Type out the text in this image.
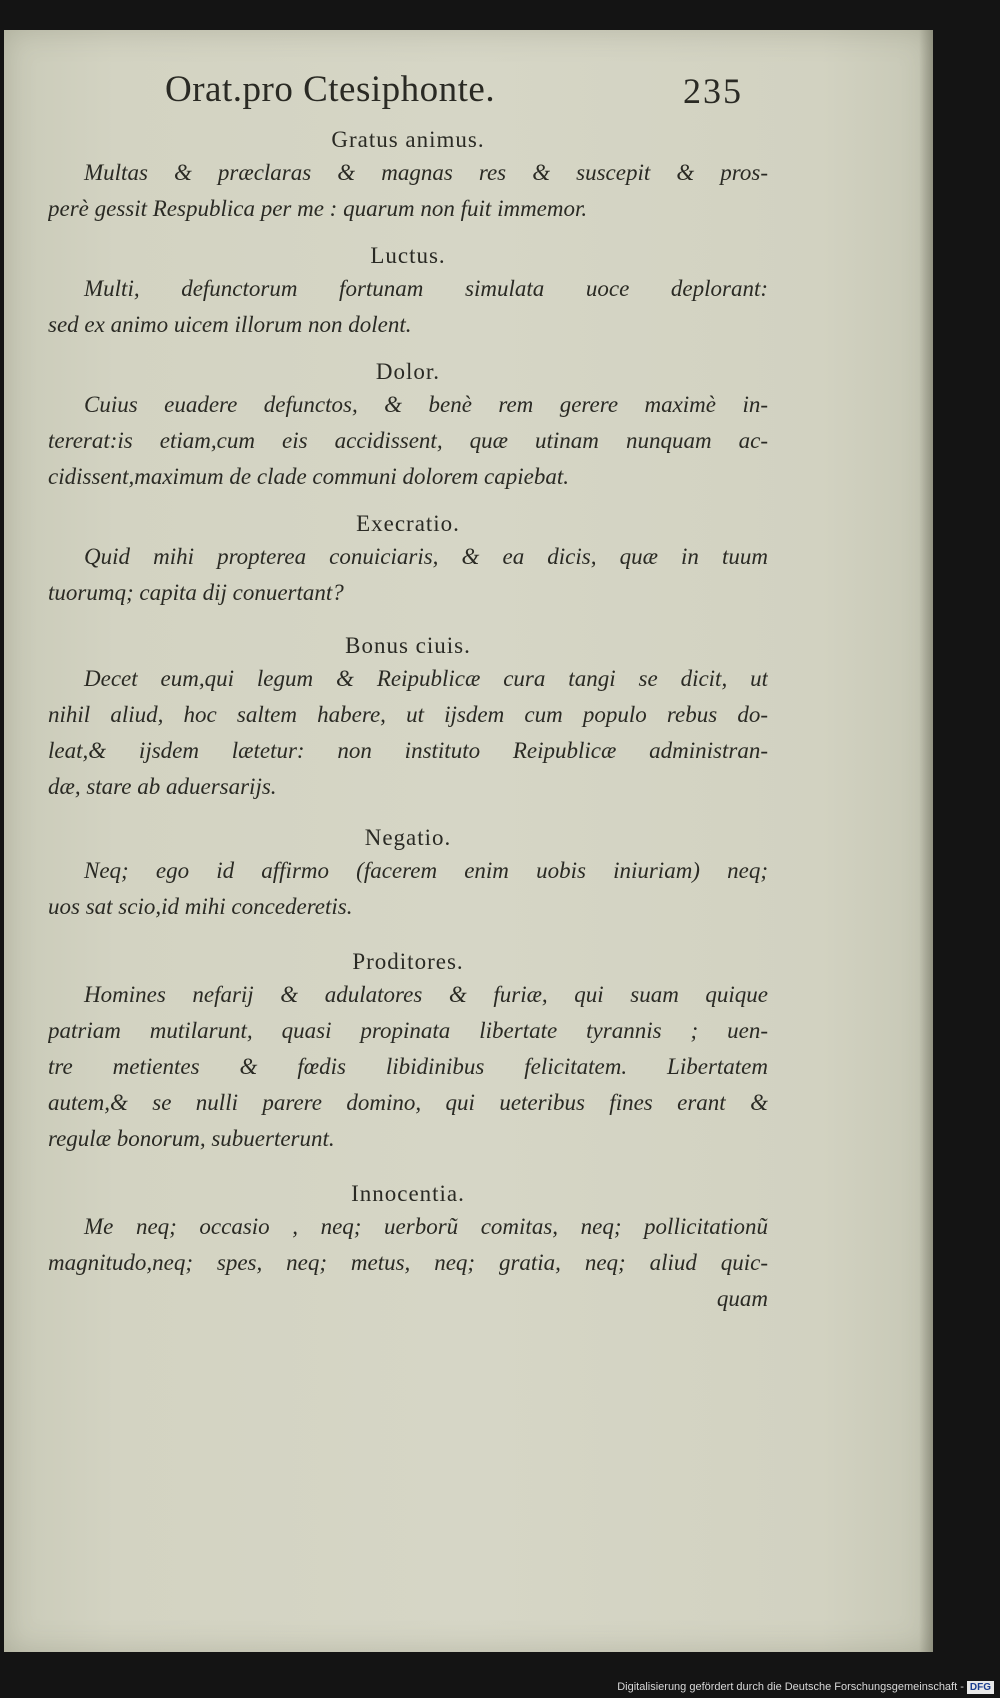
Orat.pro Ctesiphonte.	235
Gratus animus.
Multas & præclaras & magnas res & suscepit & pros-
perè gessit Respublica per me : quarum non fuit immemor.
Luctus.
Multi, defunctorum fortunam simulata uoce deplorant:
sed ex animo uicem illorum non dolent.
Dolor.
Cuius euadere defunctos, & benè rem gerere maximè in-
tererat:is etiam,cum eis accidissent, quæ utinam nunquam ac-
cidissent,maximum de clade communi dolorem capiebat.
Execratio.
Quid mihi propterea conuiciaris, & ea dicis, quæ in tuum
tuorumq; capita dij conuertant?
Bonus ciuis.
Decet eum,qui legum & Reipublicæ cura tangi se dicit, ut
nihil aliud, hoc saltem habere, ut ijsdem cum populo rebus do-
leat,& ijsdem lætetur: non instituto Reipublicæ administran-
dæ, stare ab aduersarijs.
Negatio.
Neq; ego id affirmo (facerem enim uobis iniuriam) neq;
uos sat scio,id mihi concederetis.
Proditores.
Homines nefarij & adulatores & furiæ, qui suam quique
patriam mutilarunt, quasi propinata libertate tyrannis ; uen-
tre metientes & fœdis libidinibus felicitatem. Libertatem
autem,& se nulli parere domino, qui ueteribus fines erant &
regulæ bonorum, subuerterunt.
Innocentia.
Me neq; occasio , neq; uerborũ comitas, neq; pollicitationũ
magnitudo,neq; spes, neq; metus, neq; gratia, neq; aliud quic-
quam
Digitalisierung gefördert durch die Deutsche Forschungsgemeinschaft - DFG
